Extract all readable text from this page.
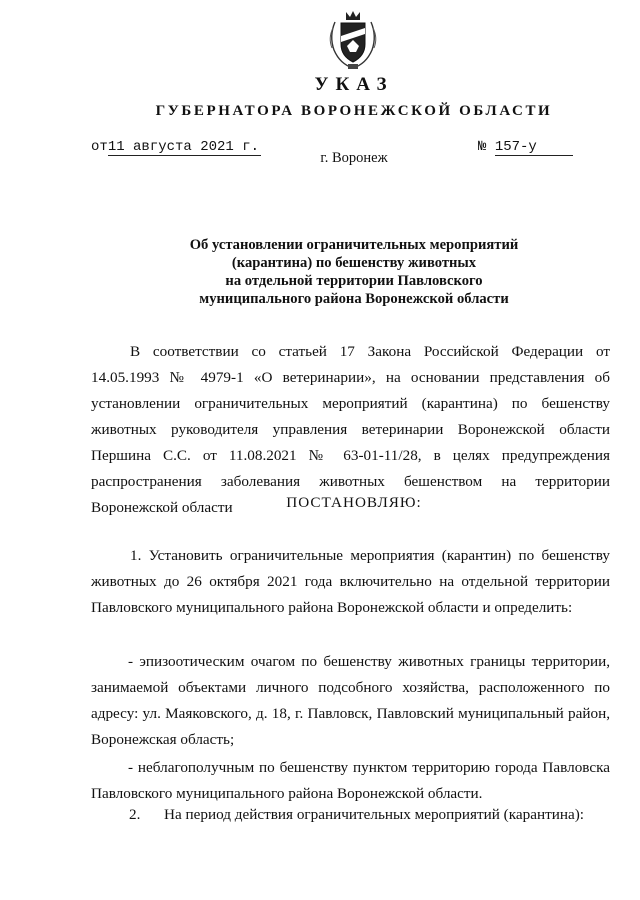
УКАЗ
ГУБЕРНАТОРА ВОРОНЕЖСКОЙ ОБЛАСТИ
от11 августа 2021 г.	№ 157-у
г. Воронеж
Об установлении ограничительных мероприятий
(карантина) по бешенству животных
на отдельной территории Павловского
муниципального района Воронежской области

В соответствии со статьей 17 Закона Российской Федерации от 14.05.1993 № 4979-1 «О ветеринарии», на основании представления об установлении ограничительных мероприятий (карантина) по бешенству животных руководителя управления ветеринарии Воронежской области Першина С.С. от 11.08.2021 № 63-01-11/28, в целях предупреждения распространения заболевания животных бешенством на территории Воронежской области	ПОСТАНОВЛЯЮ:

1. Установить ограничительные мероприятия (карантин) по бешенству животных до 26 октября 2021 года включительно на отдельной территории Павловского муниципального района Воронежской области и определить:

- эпизоотическим очагом по бешенству животных границы территории, занимаемой объектами личного подсобного хозяйства, расположенного по адресу: ул. Маяковского, д. 18, г. Павловск, Павловский муниципальный район, Воронежская область;

- неблагополучным по бешенству пунктом территорию города Павловска Павловского муниципального района Воронежской области.

2. На период действия ограничительных мероприятий (карантина):
